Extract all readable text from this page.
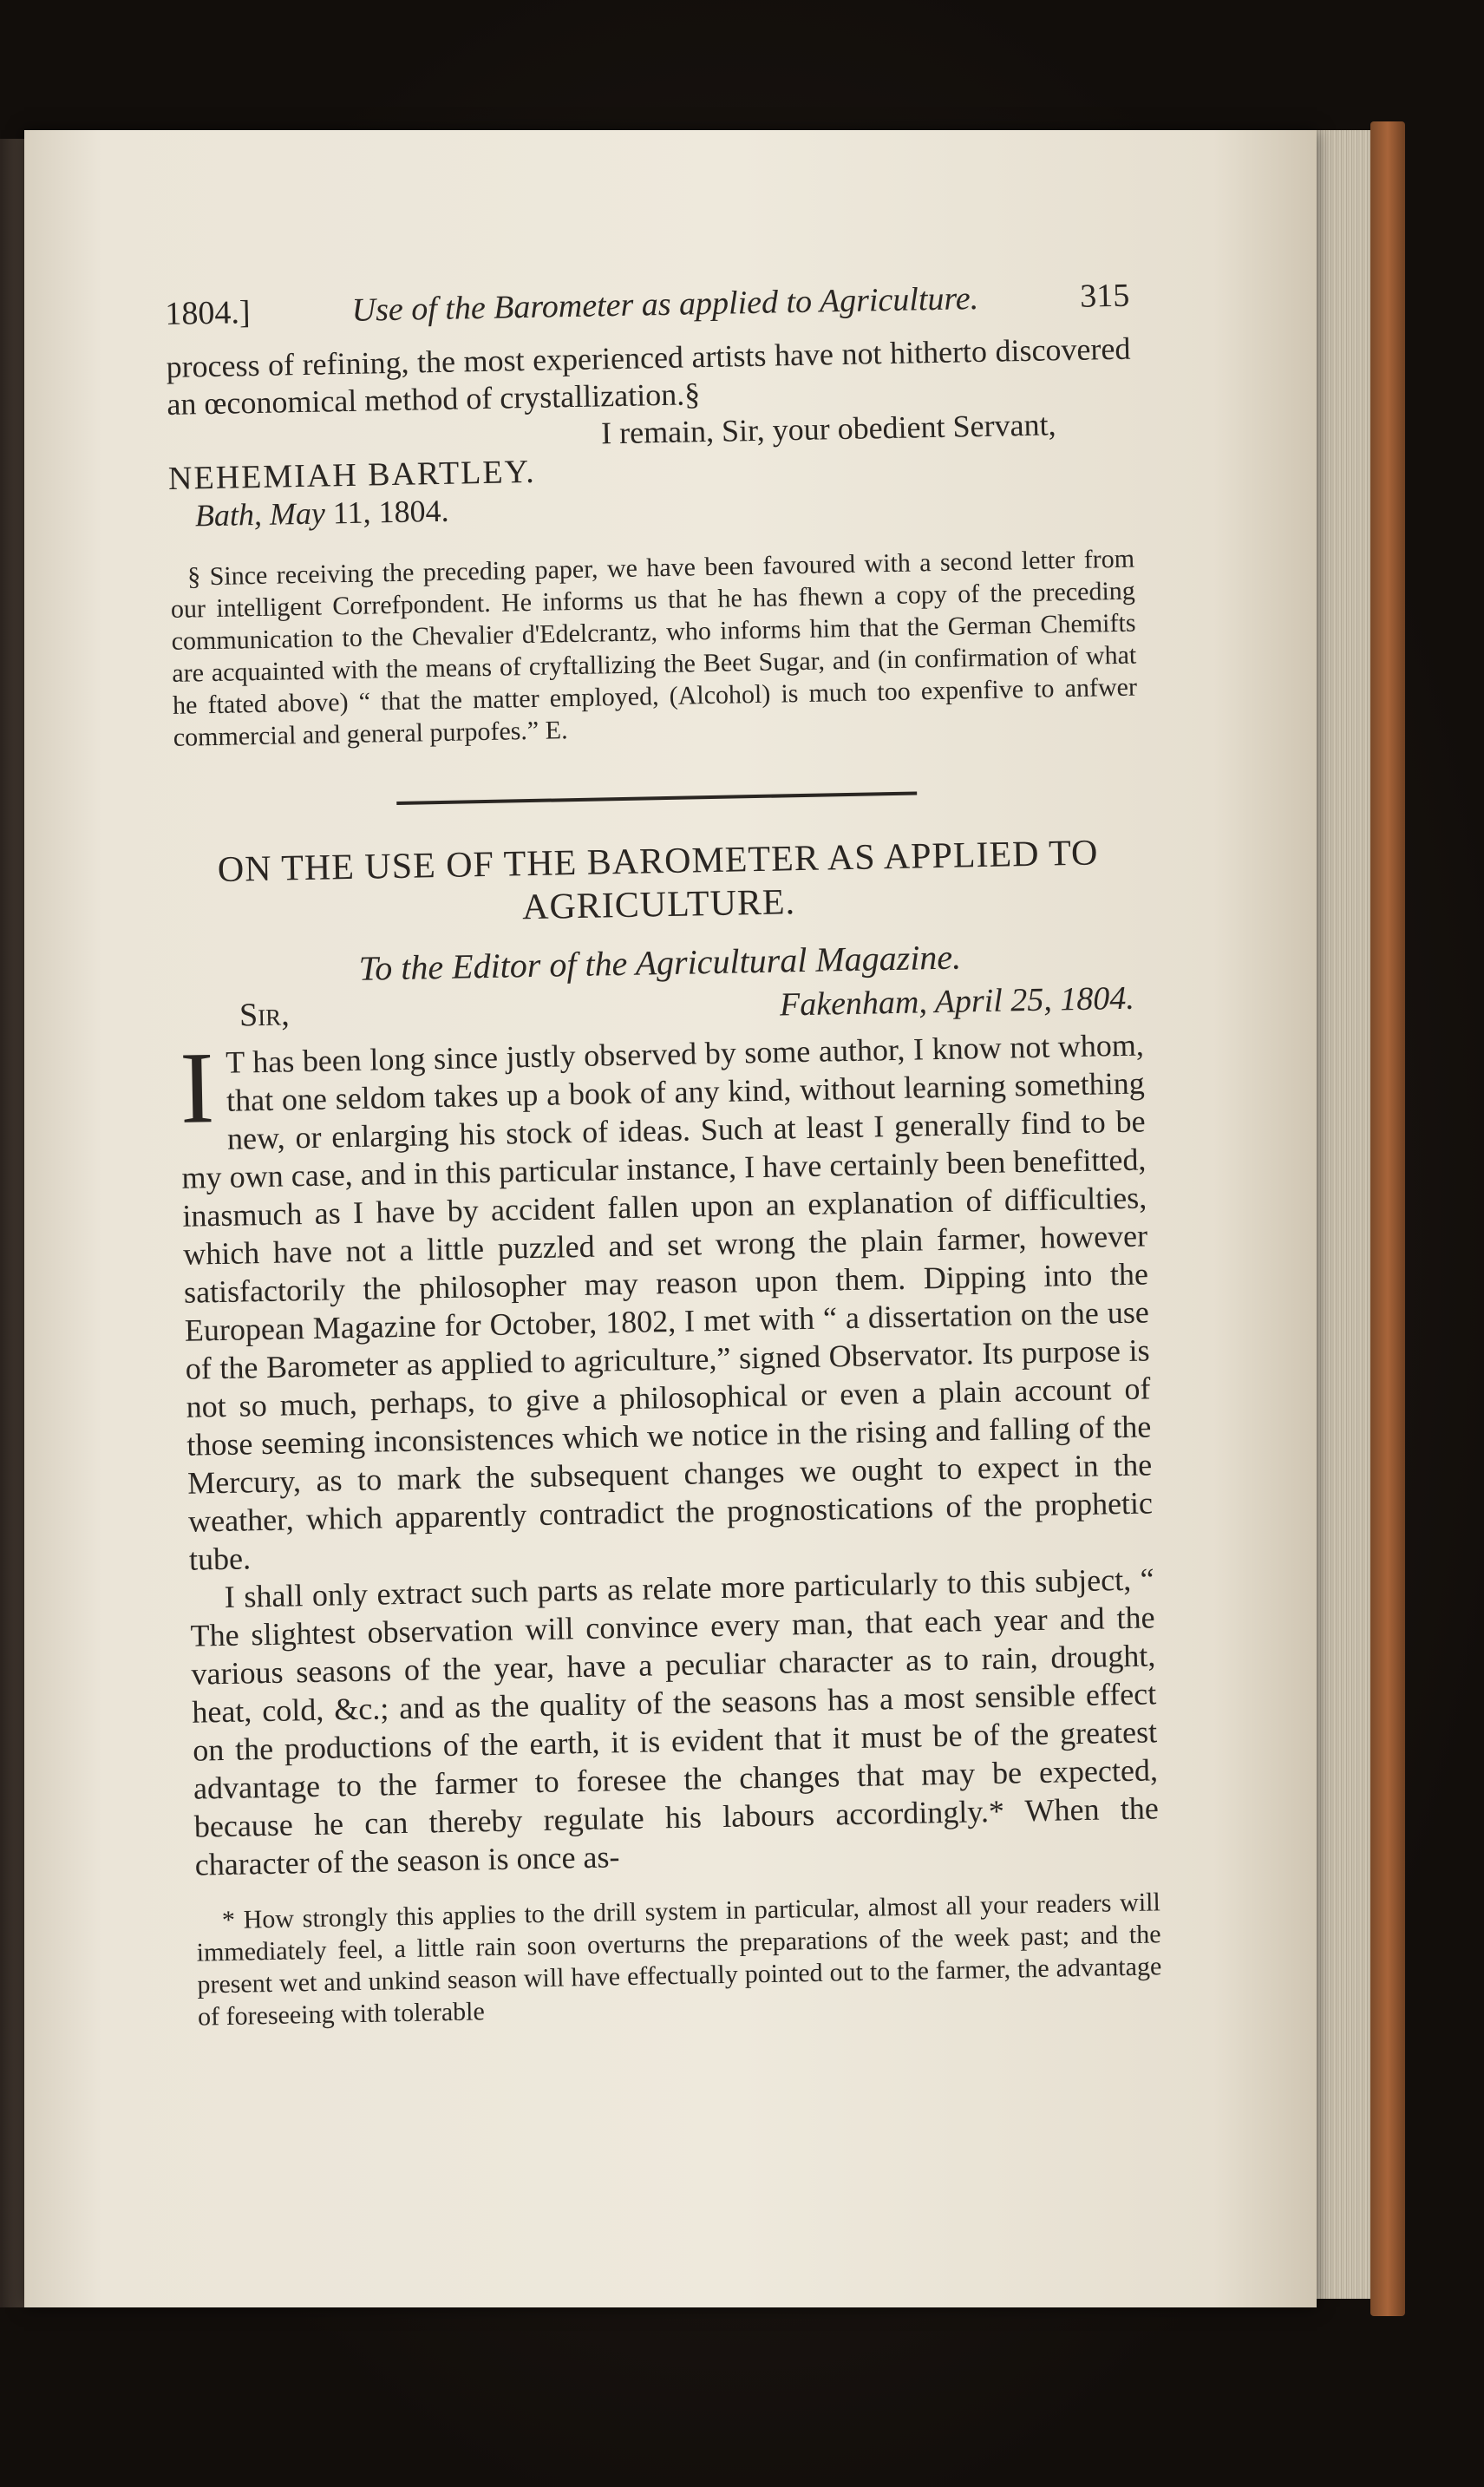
1804.]	Use of the Barometer as applied to Agriculture.	315

process of refining, the most experienced artists have not hitherto discovered an œconomical method of crystallization.§

I remain, Sir, your obedient Servant,

NEHEMIAH BARTLEY.

Bath, May 11, 1804.

§ Since receiving the preceding paper, we have been favoured with a second letter from our intelligent Correfpondent. He informs us that he has fhewn a copy of the preceding communication to the Chevalier d'Edelcrantz, who informs him that the German Chemifts are acquainted with the means of cryftallizing the Beet Sugar, and (in confirmation of what he ftated above) “ that the matter employed, (Alcohol) is much too expenfive to anfwer commercial and general purpofes.” E.

ON THE USE OF THE BAROMETER AS APPLIED TO
AGRICULTURE.
To the Editor of the Agricultural Magazine.
Sir,	Fakenham, April 25, 1804.
I T has been long since justly observed by some author, I know not whom, that one seldom takes up a book of any kind, without learning something new, or enlarging his stock of ideas. Such at least I generally find to be my own case, and in this particular instance, I have certainly been benefitted, inasmuch as I have by accident fallen upon an explanation of difficulties, which have not a little puzzled and set wrong the plain farmer, however satisfactorily the philosopher may reason upon them. Dipping into the European Magazine for October, 1802, I met with “ a dissertation on the use of the Barometer as applied to agriculture,” signed Observator. Its purpose is not so much, perhaps, to give a philosophical or even a plain account of those seeming inconsistences which we notice in the rising and falling of the Mercury, as to mark the subsequent changes we ought to expect in the weather, which apparently contradict the prognostications of the prophetic tube.

I shall only extract such parts as relate more particularly to this subject, “ The slightest observation will convince every man, that each year and the various seasons of the year, have a peculiar character as to rain, drought, heat, cold, &c.; and as the quality of the seasons has a most sensible effect on the productions of the earth, it is evident that it must be of the greatest advantage to the farmer to foresee the changes that may be expected, because he can thereby regulate his labours accordingly.* When the character of the season is once as-

* How strongly this applies to the drill system in particular, almost all your readers will immediately feel, a little rain soon overturns the preparations of the week past; and the present wet and unkind season will have effectually pointed out to the farmer, the advantage of foreseeing with tolerable
